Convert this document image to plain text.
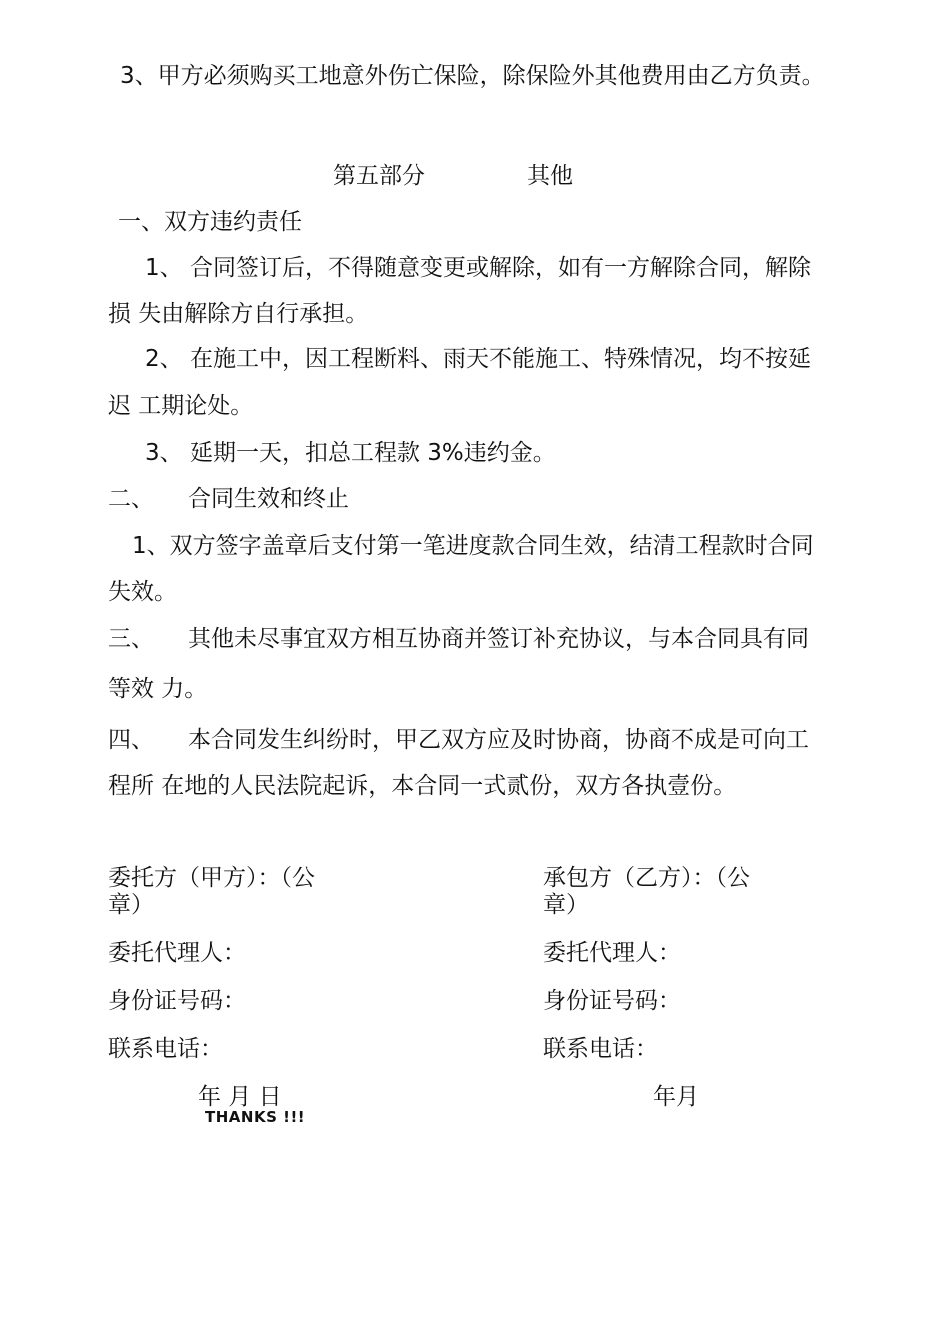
3、甲方必须购买工地意外伤亡保险，除保险外其他费用由乙方负责。
第五部分	其他
一、双方违约责任
1、 合同签订后，不得随意变更或解除，如有一方解除合同，解除
损 失由解除方自行承担。
2、 在施工中，因工程断料、雨天不能施工、特殊情况，均不按延
迟 工期论处。
3、 延期一天，扣总工程款 3%违约金。
二、 合同生效和终止
1、双方签字盖章后支付第一笔进度款合同生效，结清工程款时合同
失效。
三、 其他未尽事宜双方相互协商并签订补充协议，与本合同具有同
等效 力。
四、 本合同发生纠纷时，甲乙双方应及时协商，协商不成是可向工
程所 在地的人民法院起诉，本合同一式贰份，双方各执壹份。
委托方（甲方）：（公
章）
委托代理人：
身份证号码：
联系电话：
年 月 日
承包方（乙方）：（公
章）
委托代理人：
身份证号码：
联系电话：
年月
THANKS !!!
